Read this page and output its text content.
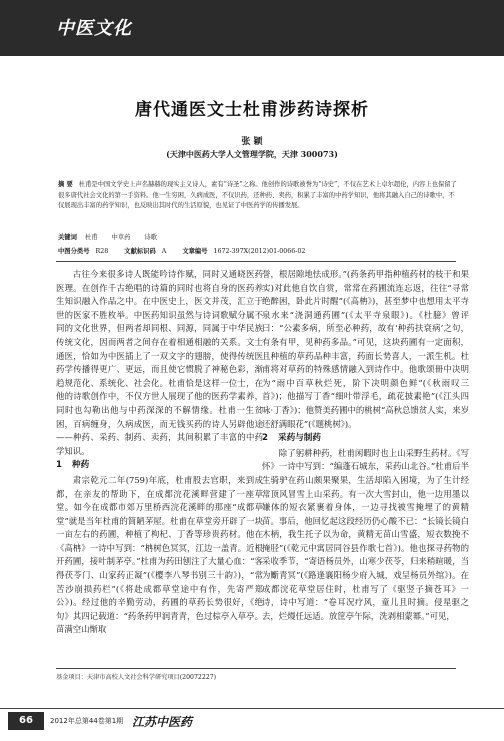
中医文化
唐代通医文士杜甫涉药诗探析
张 颖
(天津中医药大学人文管理学院，天津 300073)
摘 要 杜甫是中国文学史上声名赫赫的现实主义诗人，素有“诗圣”之称。他创作的诗歌被誉为“诗史”，不仅在艺术上卓尔超伦，内容上也保留了很多唐代社会文化的第一手资料。他一生穷困，久病成医，不仅识药，还种药、卖药，积累了丰富的中药学知识，他将其融入自己的诗歌中，不仅展现出丰富的药学知识，也反映出其时代的生活原貌，也见证了中医药学的传播发展。
关键词 杜甫 中草药 诗歌
中图分类号 R28	文献标识码 A	文章编号 1672-397X(2012)01-0066-02

古往今来很多诗人既能吟诗作赋，同时又通晓医药医理。在创作千古绝唱的诗篇的同时也将自身的医药养生知识融入作品之中。在中医史上，医文并茂，汇立于世的医家不胜枚举。中医药知识虽然与诗词歌赋分属不同的文化世界，但两者却同根、同源，同属于中华民族传统文化，因而两者之间存在着相通相融的关系。文士通医，恰如为中医插上了一双文字的翅膀，使得传统医药学传播得更广、更远，而且使它惯脱了神秘色彩，渐趋规范化、系统化、社会化。杜甫恰是这样一位士，在他的诗歌创作中，不仅方世人展现了他的医药学素养，同时也勾勒出他与中药深深的不解情缘。杜甫一生贫困，百病缠身，久病成医，而无钱买药的诗人另辟他途——种药、采药、制药、卖药，其间积累了丰富的中药学知识。

1 种药

肃宗乾元二年(759)年底，杜甫股去官职，来到成都，在亲友的帮助下，在成都浣花溪畔营建了一座草堂。如今在成都市郊万里桥西浣花溪畔的那座“成都草堂”就是当年杜甫的简陋茅屋。杜甫在草堂旁开辟了一块一亩左右的药圃，种植了枸杞、丁香等珍贵药材。他在《高柟》一诗中写到：“柟树色冥冥，江边一盖青。近根开药圃，接叶制茅亭。”杜甫为药田刨注了大量心血：“客得茯苓门、山家药正凝”(《樱李八琴书别三十韵》)，“常苦沙崩损药栏”(《将赴成都草堂途中有作，先寄严郑公》)。经过他的辛勤劳动，药圃的草药长势很好，《绝句》其四记载道：“药条药甲润青青，色过棕亭入草亭。苗满空山惭取

誉，根居隙地怯成形。”(药条药甲指种植药材的枝干和果实)对此他自饮自赏，常常在药圃流连忘返，往往“寻常绝醉困，卧此片时醒”(《高柟》)，甚至梦中也想用太平寺泉水来“浇洞通药圃”(《太平寺泉眼》)。《杜臆》曾评曰：“公素多病，所至必种药，故有‘种药扶衰病’之句，有条有甲，见种药多品。”可见，这块药圃有一定面积，且种植的草药品种丰富，药面长势喜人，一派生机。杜甫将对草药的特殊感情融入到诗作中。他歌颂冊中决明为“雨中百草秋烂死，阶下决明颜色鲜”(《秋雨叹三首》)；他描写丁香“细叶带浮毛，疏花披素艳”(《江头四咏·丁香》)；他赞美药圃中的桃树“高秋总馈贫人实，来岁还舒满眼花”(《题桃树》)。

2 采药与制药

除了躬耕种药，杜甫闲暇时也上山采野生药材。《写怀》一诗中写到：“编蓬石城东，采药山北谷。”杜甫后半生骑驴在药山颇果聚果，生活却陷入困境，为了生计经常顶风冒雪上山采药。有一次大雪封山，他一边用墨以嫌体的短衣紧裹着身体，一边寻找被雪掩埋了的黄精苗。事后，他回忆起这段经历仍心酸不已：“长镜长镜白木柄，我生托子以为命，黄精无苗山雪盛，短衣数挽不掩胫”(《乾元中寓居同谷县作歌七首》)。他也探寻药物的采收季节，“寄语杨员外，山寒少茯苓，归来稍暄暖，当为斸青冥”(《路逢襄阳杨少府入城，戏呈杨员外绾》)。在成都浣花草堂居住时，杜甫写了《驱竖子摘苍耳》一诗，诗中写道：“卷耳况疗风，童儿且时摘。侵星驱之去，烂熳任远适。放筐亭午际，洗剥相蒙幂。”可见，

基金项目：天津市高校人文社会科学研究项目(20072227)
66	2012年总第44卷第1期 江苏中医药
